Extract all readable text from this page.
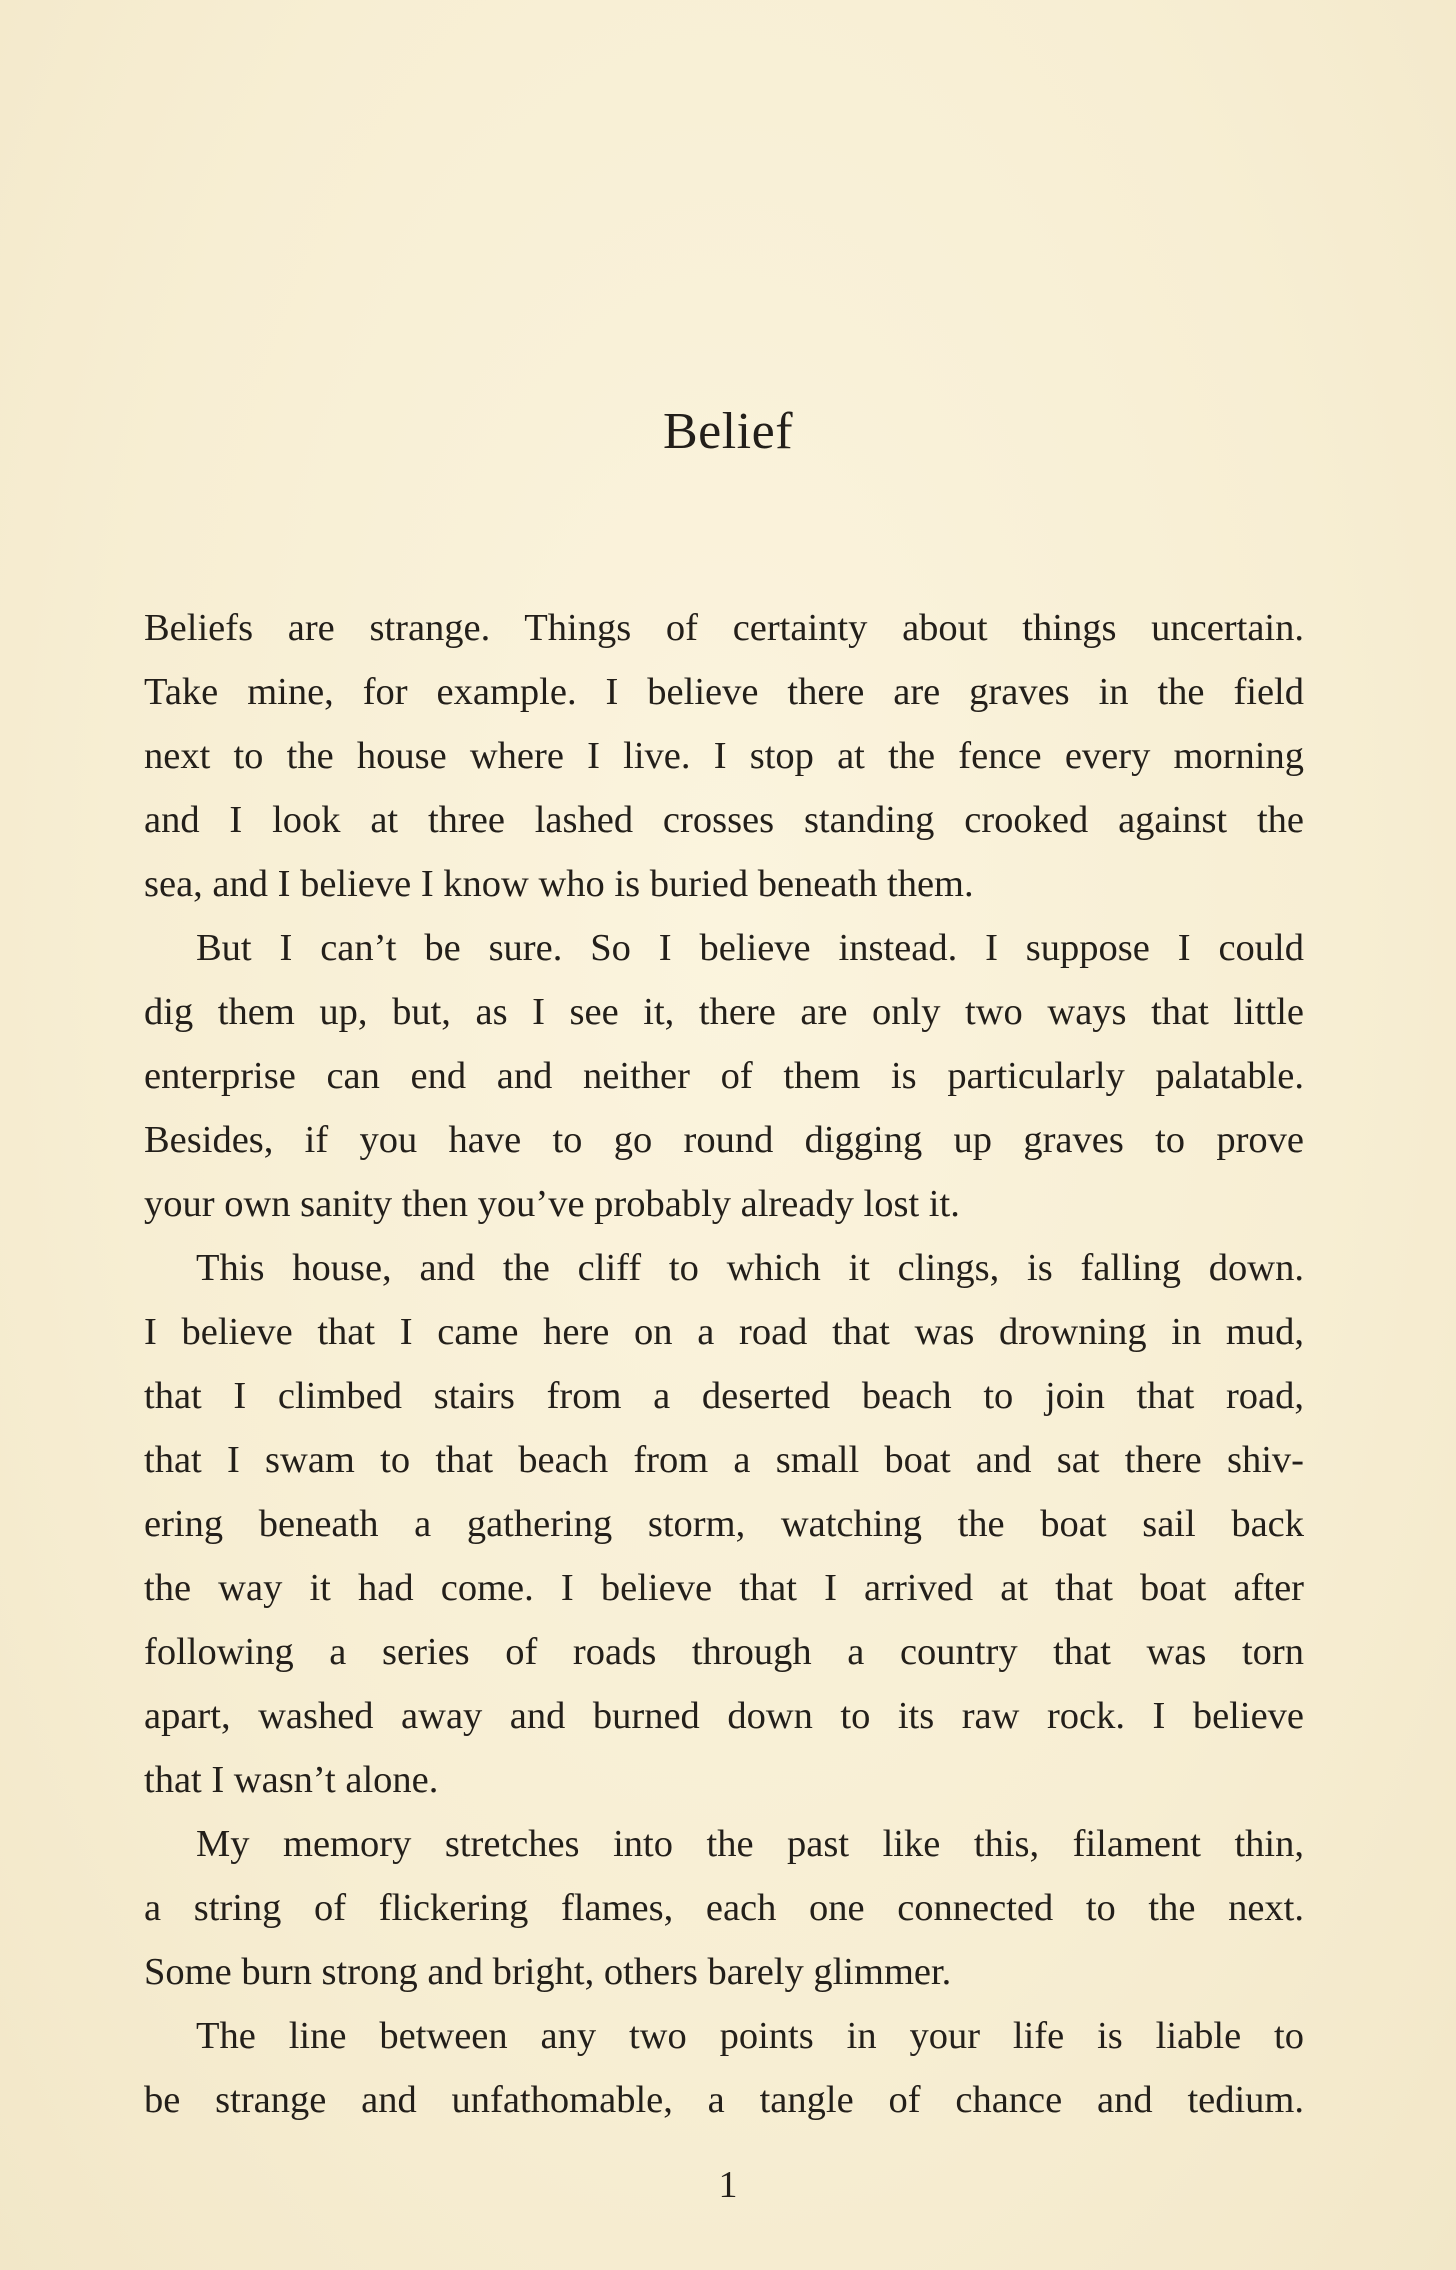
Belief

Beliefs are strange. Things of certainty about things uncertain.
Take mine, for example. I believe there are graves in the field
next to the house where I live. I stop at the fence every morning
and I look at three lashed crosses standing crooked against the
sea, and I believe I know who is buried beneath them.

But I can’t be sure. So I believe instead. I suppose I could
dig them up, but, as I see it, there are only two ways that little
enterprise can end and neither of them is particularly palatable.
Besides, if you have to go round digging up graves to prove
your own sanity then you’ve probably already lost it.

This house, and the cliff to which it clings, is falling down.
I believe that I came here on a road that was drowning in mud,
that I climbed stairs from a deserted beach to join that road,
that I swam to that beach from a small boat and sat there shiv-
ering beneath a gathering storm, watching the boat sail back
the way it had come. I believe that I arrived at that boat after
following a series of roads through a country that was torn
apart, washed away and burned down to its raw rock. I believe
that I wasn’t alone.

My memory stretches into the past like this, filament thin,
a string of flickering flames, each one connected to the next.
Some burn strong and bright, others barely glimmer.

The line between any two points in your life is liable to
be strange and unfathomable, a tangle of chance and tedium.

1
